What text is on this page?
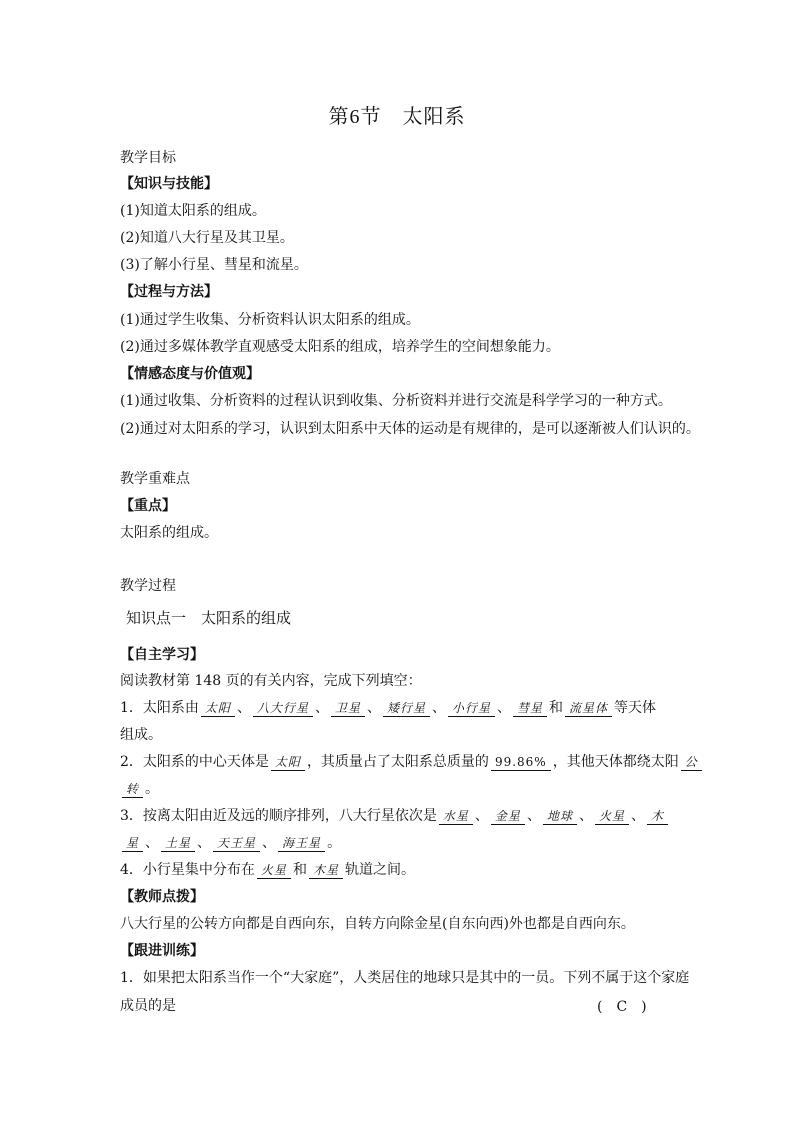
第6节　 太阳系
教学目标
【知识与技能】
(1)知道太阳系的组成。
(2)知道八大行星及其卫星。
(3)了解小行星、彗星和流星。
【过程与方法】
(1)通过学生收集、分析资料认识太阳系的组成。
(2)通过多媒体教学直观感受太阳系的组成，培养学生的空间想象能力。
【情感态度与价值观】
(1)通过收集、分析资料的过程认识到收集、分析资料并进行交流是科学学习的一种方式。
(2)通过对太阳系的学习，认识到太阳系中天体的运动是有规律的，是可以逐渐被人们认识的。
教学重难点
【重点】
太阳系的组成。
教学过程
知识点一　太阳系的组成
【自主学习】
阅读教材第 148 页的有关内容，完成下列填空：
1．太阳系由 太阳 、 八大行星 、 卫星 、 矮行星 、 小行星 、 彗星 和 流星体 等天体
组成。
2．太阳系的中心天体是 太阳 ，其质量占了太阳系总质量的 99.86% ，其他天体都绕太阳 公
转 。
3．按离太阳由近及远的顺序排列，八大行星依次是 水星 、 金星 、 地球 、 火星 、 木
星 、 土星 、 天王星 、 海王星 。
4．小行星集中分布在 火星 和 木星 轨道之间。
【教师点拨】
八大行星的公转方向都是自西向东，自转方向除金星(自东向西)外也都是自西向东。
【跟进训练】
1．如果把太阳系当作一个“大家庭”，人类居住的地球只是其中的一员。下列不属于这个家庭
成员的是	(　C　)
